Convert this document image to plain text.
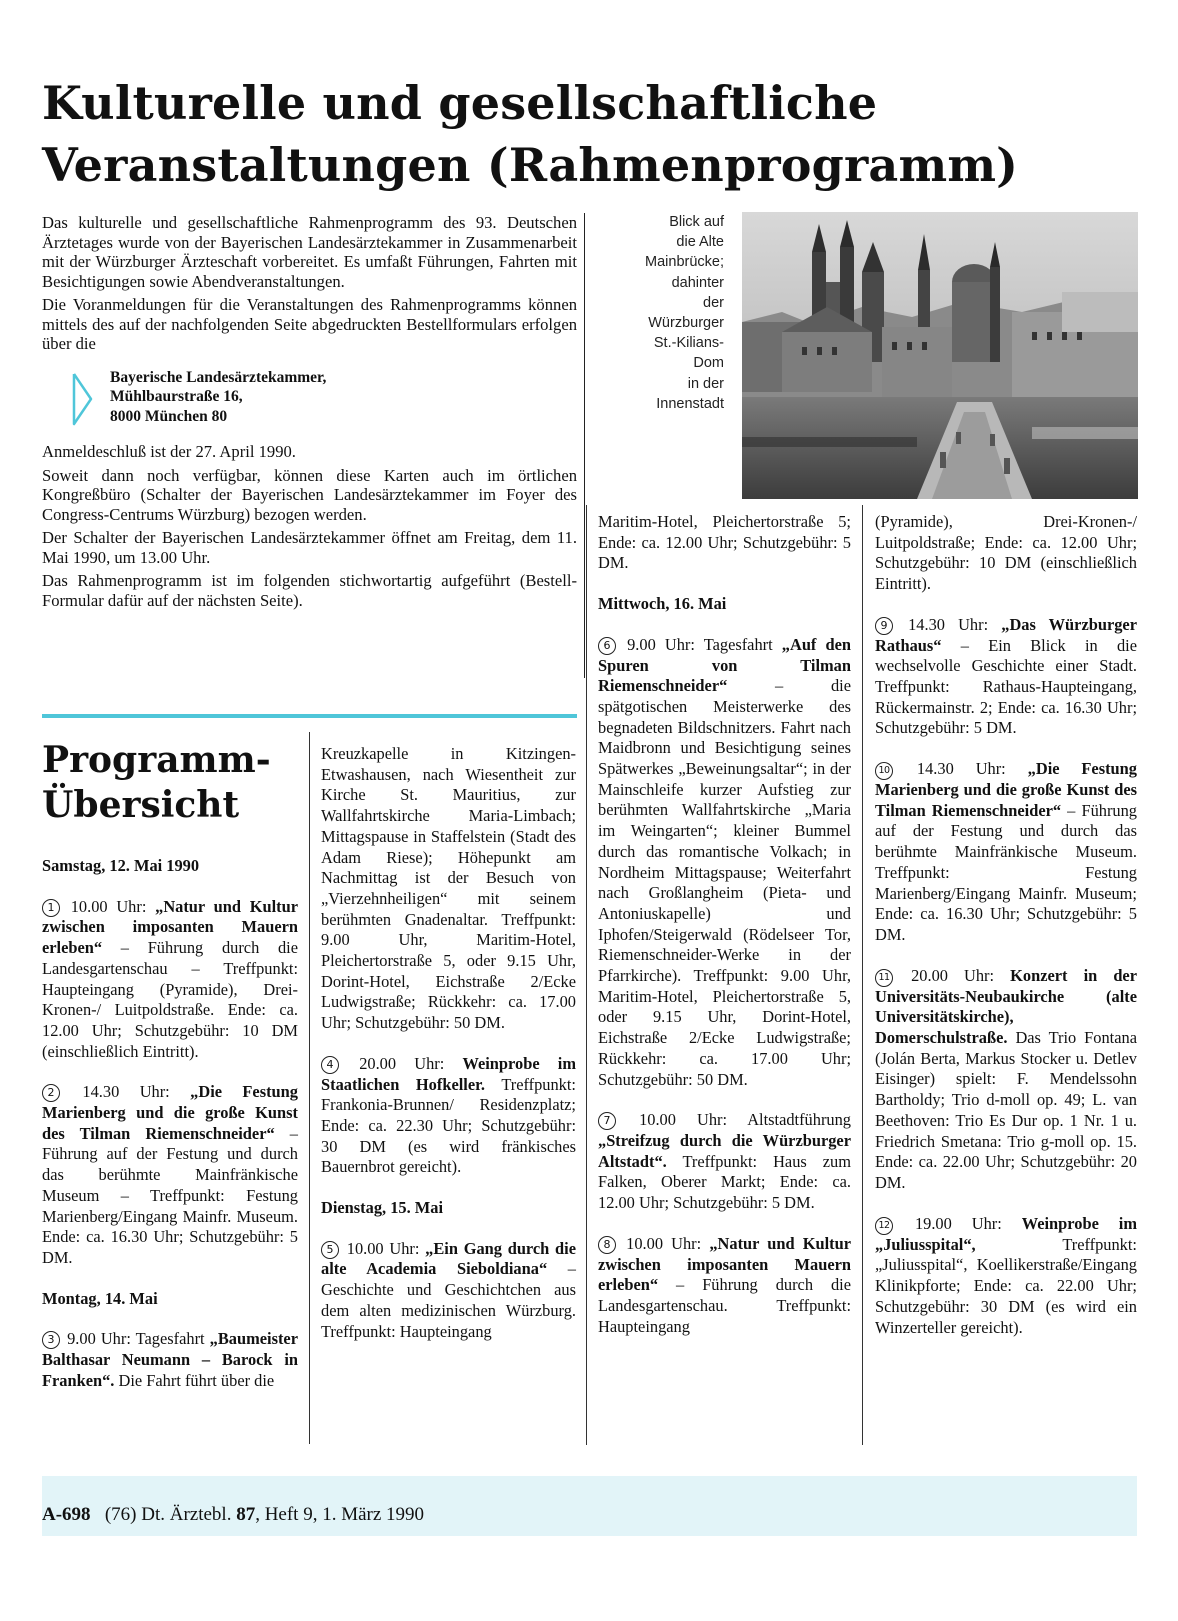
Kulturelle und gesellschaftliche Veranstaltungen (Rahmenprogramm)

Das kulturelle und gesellschaftliche Rahmenprogramm des 93. Deutschen Ärztetages wurde von der Bayerischen Landesärztekammer in Zusammenarbeit mit der Würzburger Ärzteschaft vorbereitet. Es umfaßt Führungen, Fahrten mit Besichtigungen sowie Abendveranstaltungen.

Die Voranmeldungen für die Veranstaltungen des Rahmenprogramms können mittels des auf der nachfolgenden Seite abgedruckten Bestellformulars erfolgen über die

Bayerische Landesärztekammer,
Mühlbaurstraße 16,
8000 München 80

Anmeldeschluß ist der 27. April 1990.

Soweit dann noch verfügbar, können diese Karten auch im örtlichen Kongreßbüro (Schalter der Bayerischen Landesärztekammer im Foyer des Congress-Centrums Würzburg) bezogen werden.

Der Schalter der Bayerischen Landesärztekammer öffnet am Freitag, dem 11. Mai 1990, um 13.00 Uhr.

Das Rahmenprogramm ist im folgenden stichwortartig aufgeführt (Bestell-Formular dafür auf der nächsten Seite).

Blick auf
die Alte
Mainbrücke;
dahinter
der
Würzburger
St.-Kilians-
Dom
in der
Innenstadt
Programm-
Übersicht

Samstag, 12. Mai 1990

1 10.00 Uhr: „Natur und Kultur zwischen imposanten Mauern erleben“ – Führung durch die Landesgartenschau – Treffpunkt: Haupteingang (Pyramide), Drei-Kronen-/ Luitpoldstraße. Ende: ca. 12.00 Uhr; Schutzgebühr: 10 DM (einschließlich Eintritt).

2 14.30 Uhr: „Die Festung Marienberg und die große Kunst des Tilman Riemenschneider“ – Führung auf der Festung und durch das berühmte Mainfränkische Museum – Treffpunkt: Festung Marienberg/Eingang Mainfr. Museum. Ende: ca. 16.30 Uhr; Schutzgebühr: 5 DM.

Montag, 14. Mai

3 9.00 Uhr: Tagesfahrt „Baumeister Balthasar Neumann – Barock in Franken“. Die Fahrt führt über die

Kreuzkapelle in Kitzingen-Etwashausen, nach Wiesentheit zur Kirche St. Mauritius, zur Wallfahrtskirche Maria-Limbach; Mittagspause in Staffelstein (Stadt des Adam Riese); Höhepunkt am Nachmittag ist der Besuch von „Vierzehnheiligen“ mit seinem berühmten Gnadenaltar. Treffpunkt: 9.00 Uhr, Maritim-Hotel, Pleichertorstraße 5, oder 9.15 Uhr, Dorint-Hotel, Eichstraße 2/Ecke Ludwigstraße; Rückkehr: ca. 17.00 Uhr; Schutzgebühr: 50 DM.

4 20.00 Uhr: Weinprobe im Staatlichen Hofkeller. Treffpunkt: Frankonia-Brunnen/ Residenzplatz; Ende: ca. 22.30 Uhr; Schutzgebühr: 30 DM (es wird fränkisches Bauernbrot gereicht).

Dienstag, 15. Mai

5 10.00 Uhr: „Ein Gang durch die alte Academia Sieboldiana“ – Geschichte und Geschichtchen aus dem alten medizinischen Würzburg. Treffpunkt: Haupteingang

Maritim-Hotel, Pleichertorstraße 5; Ende: ca. 12.00 Uhr; Schutzgebühr: 5 DM.

Mittwoch, 16. Mai

6 9.00 Uhr: Tagesfahrt „Auf den Spuren von Tilman Riemenschneider“	– die spätgotischen Meisterwerke des begnadeten Bildschnitzers. Fahrt nach Maidbronn und Besichtigung seines Spätwerkes „Beweinungsaltar“; in der Mainschleife kurzer Aufstieg zur berühmten Wallfahrtskirche „Maria im Weingarten“; kleiner Bummel durch das romantische Volkach; in Nordheim Mittagspause; Weiterfahrt nach Großlangheim (Pieta- und Antoniuskapelle) und Iphofen/Steigerwald (Rödelseer Tor, Riemenschneider-Werke in der Pfarrkirche). Treffpunkt: 9.00 Uhr, Maritim-Hotel, Pleichertorstraße 5, oder 9.15 Uhr, Dorint-Hotel, Eichstraße 2/Ecke Ludwigstraße; Rückkehr: ca. 17.00 Uhr; Schutzgebühr: 50 DM.

7 10.00 Uhr: Altstadtführung „Streifzug durch die Würzburger Altstadt“. Treffpunkt: Haus zum Falken, Oberer Markt; Ende: ca. 12.00 Uhr; Schutzgebühr: 5 DM.

8 10.00 Uhr: „Natur und Kultur zwischen imposanten Mauern erleben“ – Führung durch die Landesgartenschau. Treffpunkt: Haupteingang

(Pyramide), Drei-Kronen-/ Luitpoldstraße; Ende: ca. 12.00 Uhr; Schutzgebühr: 10 DM (einschließlich Eintritt).

9 14.30 Uhr: „Das Würzburger Rathaus“ – Ein Blick in die wechselvolle Geschichte einer Stadt. Treffpunkt: Rathaus-Haupteingang, Rückermainstr. 2; Ende: ca. 16.30 Uhr; Schutzgebühr: 5 DM.

10 14.30 Uhr: „Die Festung Marienberg und die große Kunst des Tilman Riemenschneider“ – Führung auf der Festung und durch das berühmte Mainfränkische Museum. Treffpunkt: Festung Marienberg/Eingang Mainfr. Museum; Ende: ca. 16.30 Uhr; Schutzgebühr: 5 DM.

11 20.00 Uhr: Konzert in der Universitäts-Neubaukirche (alte Universitätskirche), Domerschulstraße. Das Trio Fontana (Jolán Berta, Markus Stocker u. Detlev Eisinger) spielt: F. Mendelssohn Bartholdy; Trio d-moll op. 49; L. van Beethoven: Trio Es Dur op. 1 Nr. 1 u. Friedrich Smetana: Trio g-moll op. 15. Ende: ca. 22.00 Uhr; Schutzgebühr: 20 DM.

12 19.00 Uhr: Weinprobe im „Juliusspital“,	Treffpunkt: „Juliusspital“, Koellikerstraße/Eingang Klinikpforte; Ende: ca. 22.00 Uhr; Schutzgebühr: 30 DM (es wird ein Winzerteller gereicht).

A-698 (76) Dt. Ärztebl. 87, Heft 9, 1. März 1990
